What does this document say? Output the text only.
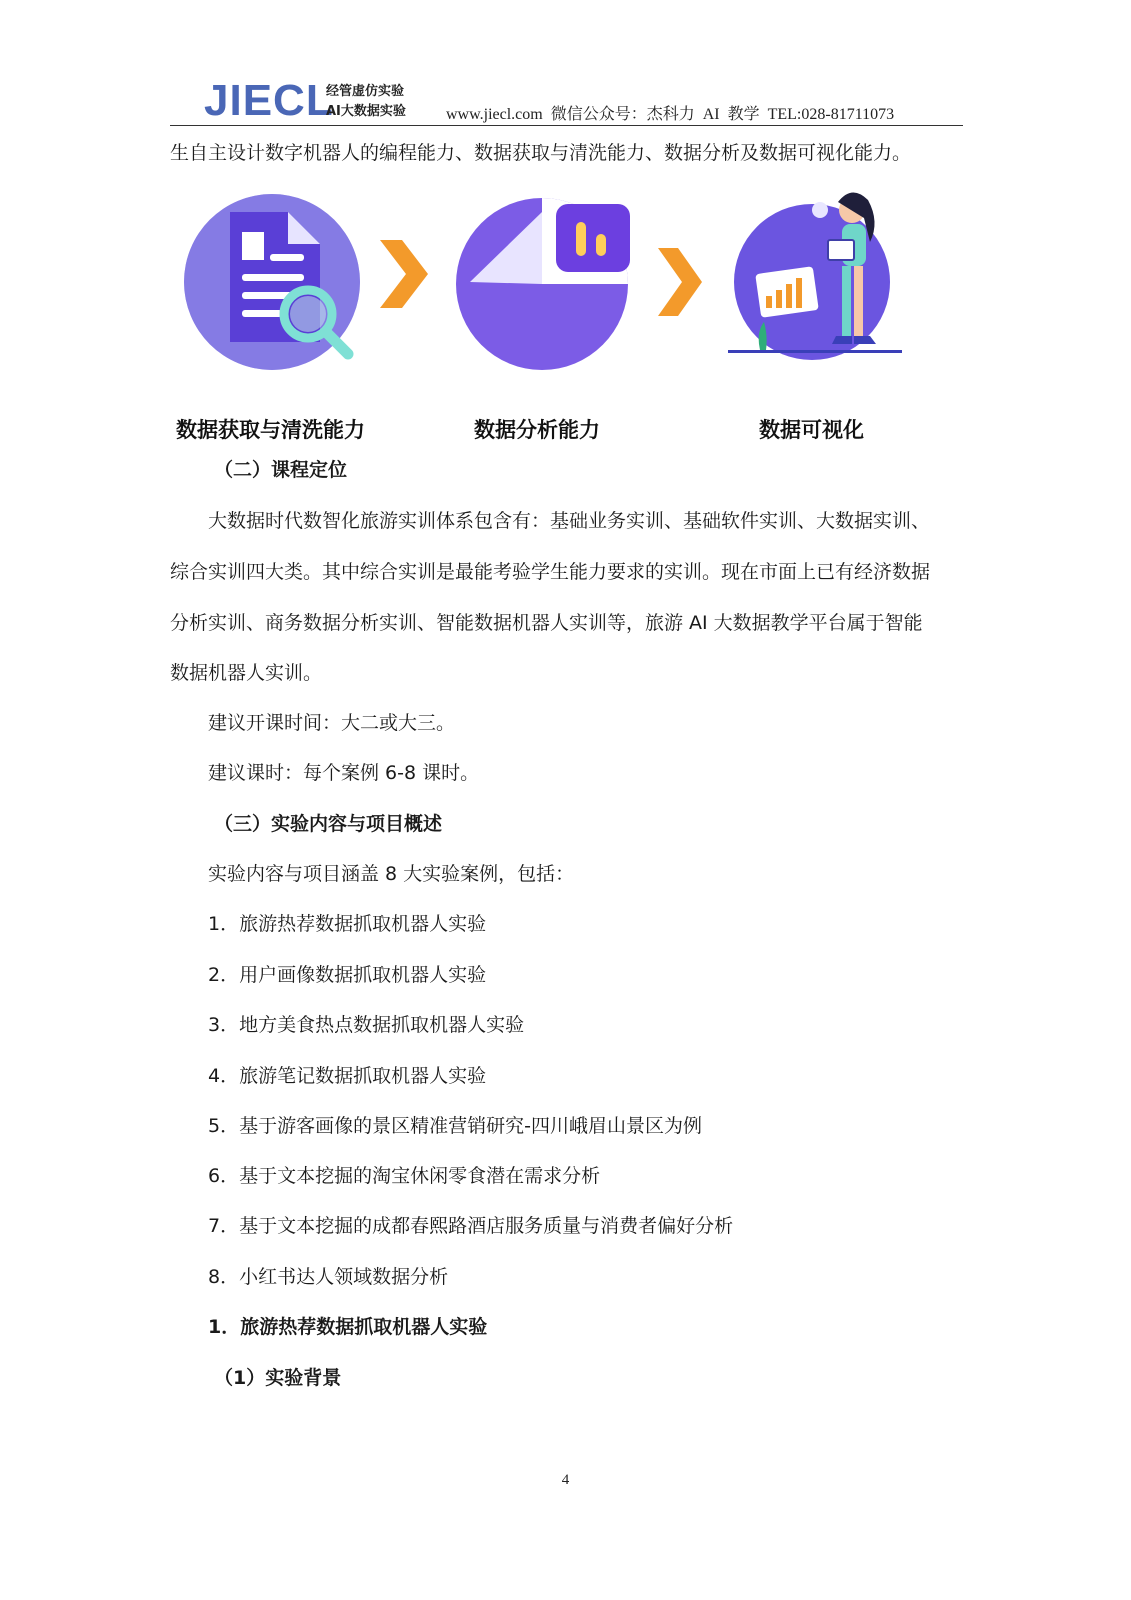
JIECL
经管虚仿实验
AI大数据实验	www.jiecl.com 微信公众号：杰科力 AI 教学 TEL:028-81711073
生自主设计数字机器人的编程能力、数据获取与清洗能力、数据分析及数据可视化能力。
数据获取与清洗能力	数据分析能力	数据可视化
（二）课程定位
大数据时代数智化旅游实训体系包含有：基础业务实训、基础软件实训、大数据实训、
综合实训四大类。其中综合实训是最能考验学生能力要求的实训。现在市面上已有经济数据
分析实训、商务数据分析实训、智能数据机器人实训等，旅游 AI 大数据教学平台属于智能
数据机器人实训。
建议开课时间：大二或大三。
建议课时：每个案例 6-8 课时。
（三）实验内容与项目概述
实验内容与项目涵盖 8 大实验案例，包括：
1．旅游热荐数据抓取机器人实验
2．用户画像数据抓取机器人实验
3．地方美食热点数据抓取机器人实验
4．旅游笔记数据抓取机器人实验
5．基于游客画像的景区精准营销研究-四川峨眉山景区为例
6．基于文本挖掘的淘宝休闲零食潜在需求分析
7．基于文本挖掘的成都春熙路酒店服务质量与消费者偏好分析
8．小红书达人领域数据分析
1．旅游热荐数据抓取机器人实验
（1）实验背景
4
